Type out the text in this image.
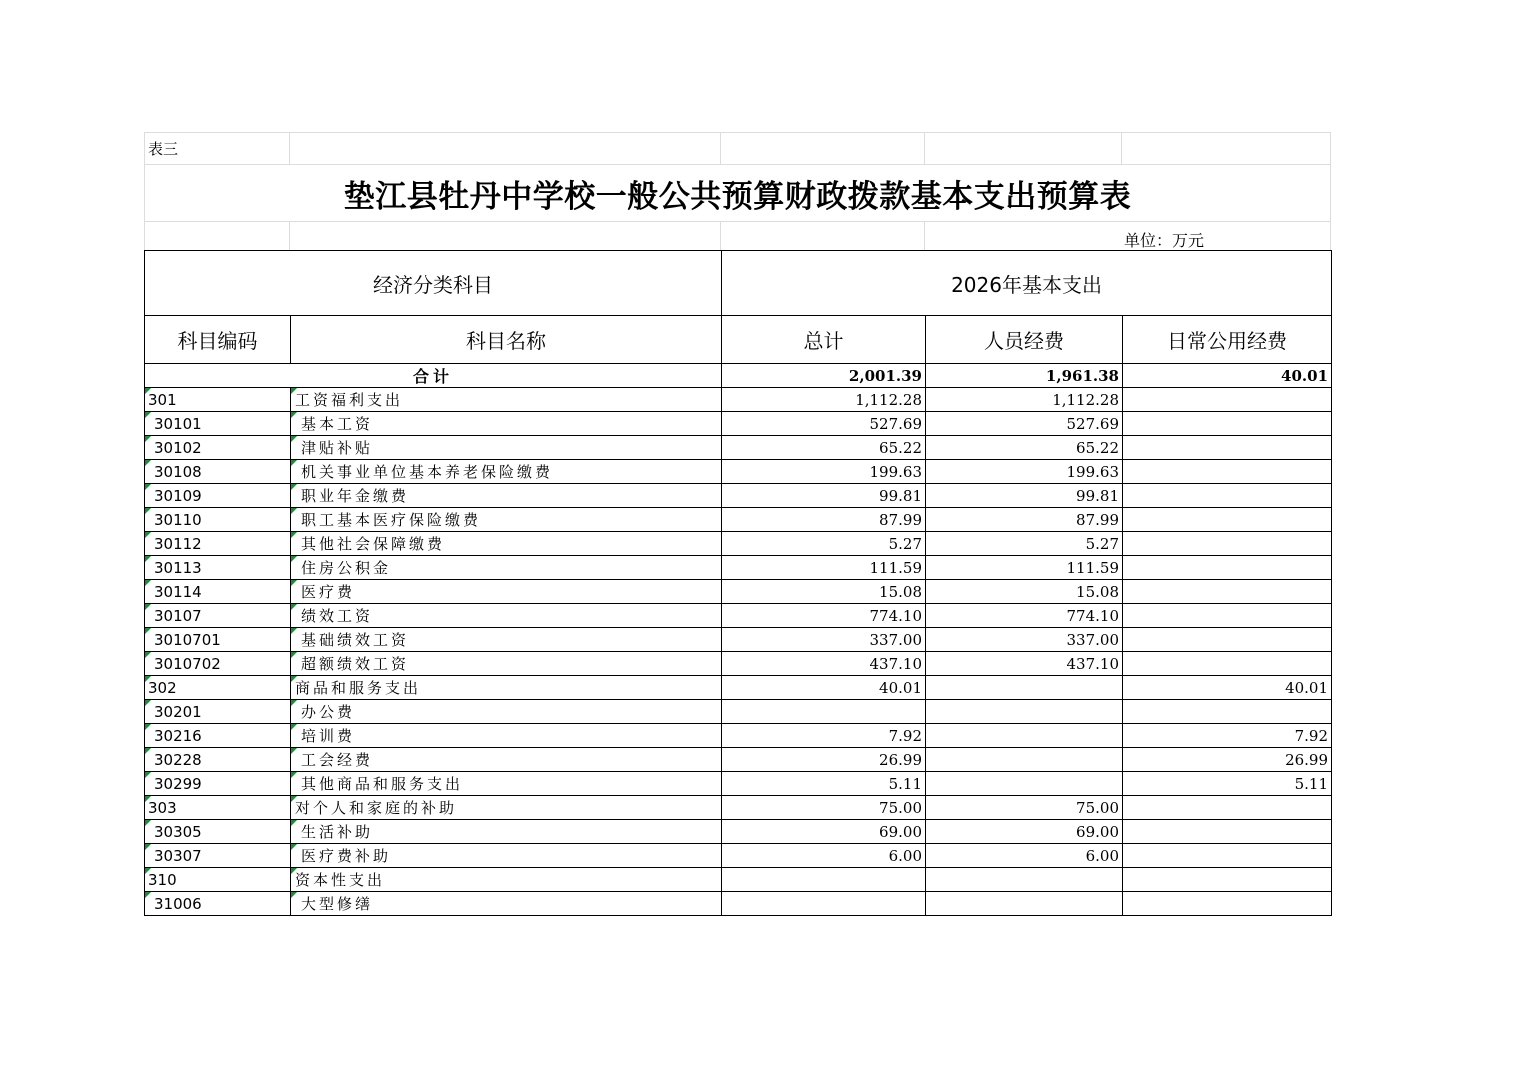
表三
垫江县牡丹中学校一般公共预算财政拨款基本支出预算表
单位：万元
经济分类科目		2026年基本支出		
科目编码	科目名称	总计	人员经费	日常公用经费
合计		2,001.39	1,961.38	40.01

301	工资福利支出	1,112.28	1,112.28	

30101	基本工资	527.69	527.69	

30102	津贴补贴	65.22	65.22	

30108	机关事业单位基本养老保险缴费	199.63	199.63	

30109	职业年金缴费	99.81	99.81	

30110	职工基本医疗保险缴费	87.99	87.99	

30112	其他社会保障缴费	5.27	5.27	

30113	住房公积金	111.59	111.59	

30114	医疗费	15.08	15.08	

30107	绩效工资	774.10	774.10	

3010701	基础绩效工资	337.00	337.00	

3010702	超额绩效工资	437.10	437.10	

302	商品和服务支出	40.01		40.01

30201	办公费			

30216	培训费	7.92		7.92

30228	工会经费	26.99		26.99

30299	其他商品和服务支出	5.11		5.11

303	对个人和家庭的补助	75.00	75.00	

30305	生活补助	69.00	69.00	

30307	医疗费补助	6.00	6.00	

310	资本性支出			

31006	大型修缮			
